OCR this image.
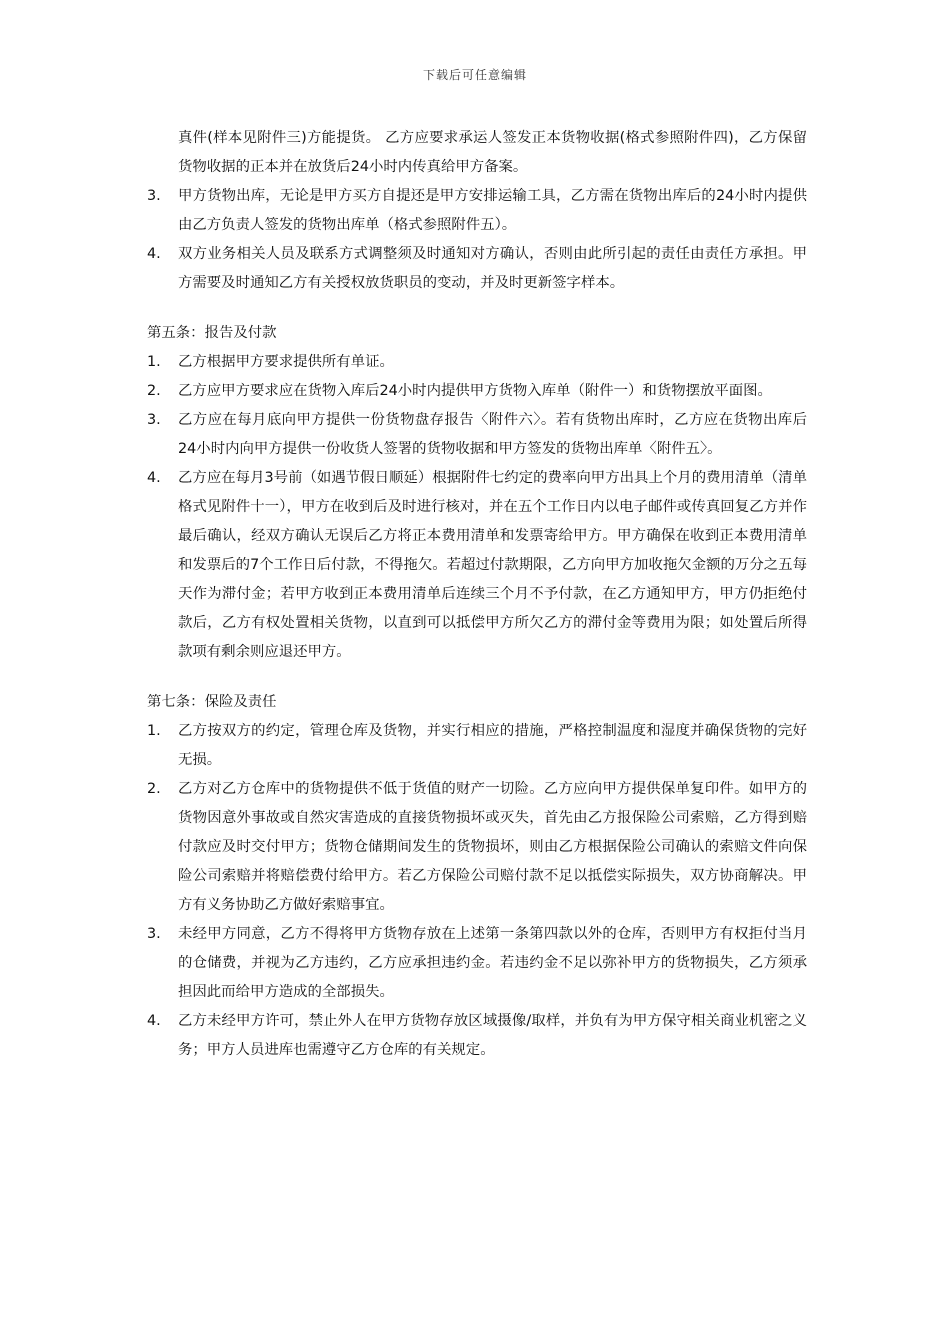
下载后可任意编辑
真件(样本见附件三)方能提货。 乙方应要求承运人签发正本货物收据(格式参照附件四)，乙方保留货物收据的正本并在放货后24小时内传真给甲方备案。
3. 甲方货物出库，无论是甲方买方自提还是甲方安排运输工具，乙方需在货物出库后的24小时内提供由乙方负责人签发的货物出库单（格式参照附件五）。
4. 双方业务相关人员及联系方式调整须及时通知对方确认，否则由此所引起的责任由责任方承担。甲方需要及时通知乙方有关授权放货职员的变动，并及时更新签字样本。
第五条：报告及付款
1. 乙方根据甲方要求提供所有单证。
2. 乙方应甲方要求应在货物入库后24小时内提供甲方货物入库单（附件一）和货物摆放平面图。
3. 乙方应在每月底向甲方提供一份货物盘存报告〈附件六〉。若有货物出库时，乙方应在货物出库后24小时内向甲方提供一份收货人签署的货物收据和甲方签发的货物出库单〈附件五〉。
4. 乙方应在每月3号前（如遇节假日顺延）根据附件七约定的费率向甲方出具上个月的费用清单（清单格式见附件十一），甲方在收到后及时进行核对，并在五个工作日内以电子邮件或传真回复乙方并作最后确认，经双方确认无误后乙方将正本费用清单和发票寄给甲方。甲方确保在收到正本费用清单和发票后的7个工作日后付款，不得拖欠。若超过付款期限，乙方向甲方加收拖欠金额的万分之五每天作为滞付金；若甲方收到正本费用清单后连续三个月不予付款，在乙方通知甲方，甲方仍拒绝付款后，乙方有权处置相关货物，以直到可以抵偿甲方所欠乙方的滞付金等费用为限；如处置后所得款项有剩余则应退还甲方。
第七条：保险及责任
1. 乙方按双方的约定，管理仓库及货物，并实行相应的措施，严格控制温度和湿度并确保货物的完好无损。
2. 乙方对乙方仓库中的货物提供不低于货值的财产一切险。乙方应向甲方提供保单复印件。如甲方的货物因意外事故或自然灾害造成的直接货物损坏或灭失，首先由乙方报保险公司索赔，乙方得到赔付款应及时交付甲方；货物仓储期间发生的货物损坏，则由乙方根据保险公司确认的索赔文件向保险公司索赔并将赔偿费付给甲方。若乙方保险公司赔付款不足以抵偿实际损失，双方协商解决。甲方有义务协助乙方做好索赔事宜。
3. 未经甲方同意，乙方不得将甲方货物存放在上述第一条第四款以外的仓库，否则甲方有权拒付当月的仓储费，并视为乙方违约，乙方应承担违约金。若违约金不足以弥补甲方的货物损失，乙方须承担因此而给甲方造成的全部损失。
4. 乙方未经甲方许可，禁止外人在甲方货物存放区域摄像/取样，并负有为甲方保守相关商业机密之义务；甲方人员进库也需遵守乙方仓库的有关规定。
